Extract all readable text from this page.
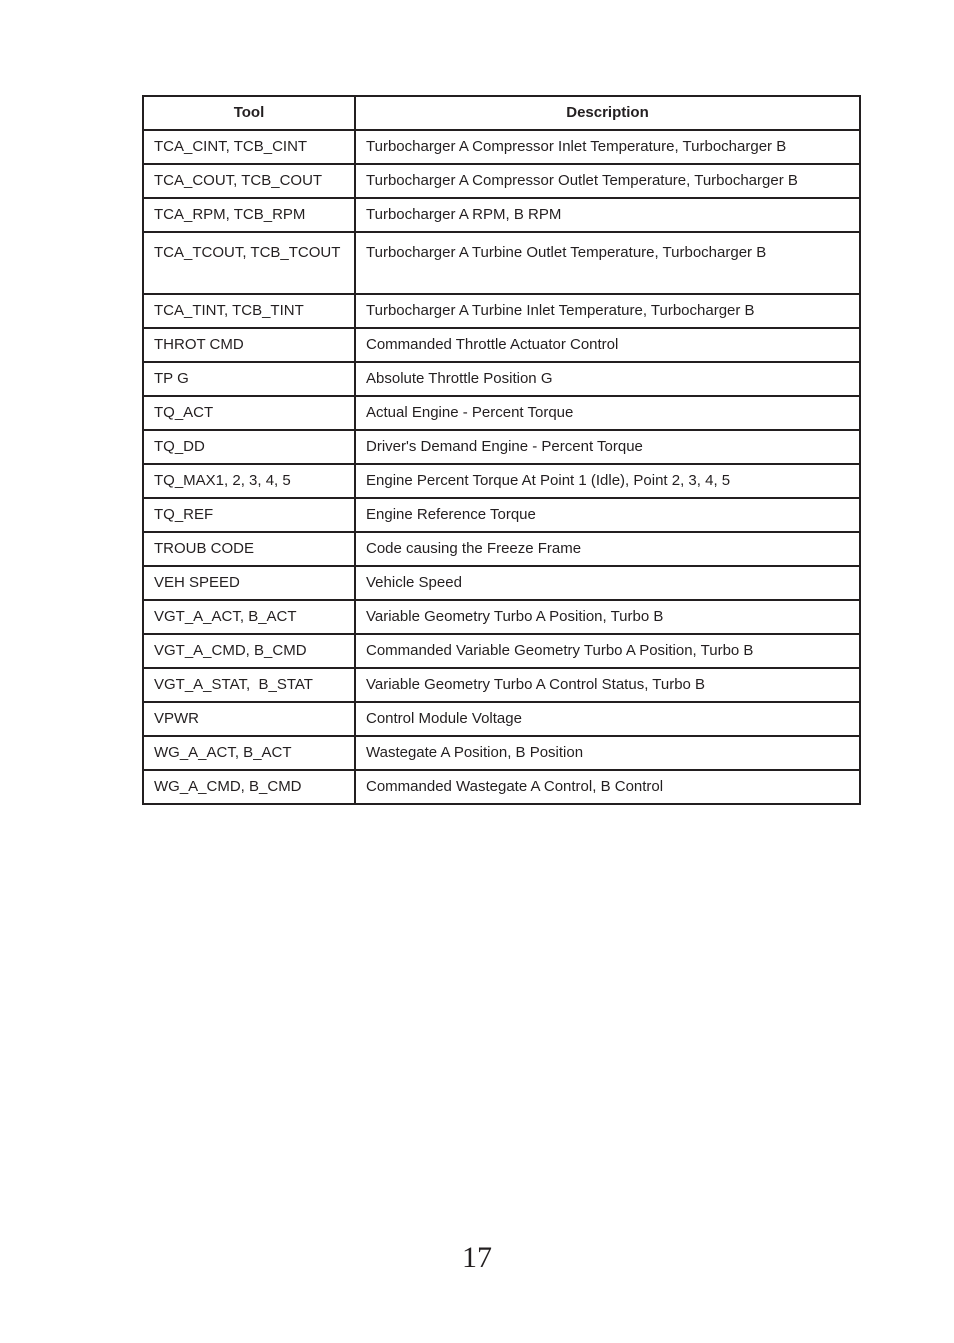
Tool	Description
TCA_CINT, TCB_CINT	Turbocharger A Compressor Inlet Temperature, Turbocharger B
TCA_COUT, TCB_COUT	Turbocharger A Compressor Outlet Temperature, Turbocharger B
TCA_RPM, TCB_RPM	Turbocharger A RPM, B RPM
TCA_TCOUT, TCB_TCOUT	Turbocharger A Turbine Outlet Temperature, Turbocharger B
TCA_TINT, TCB_TINT	Turbocharger A Turbine Inlet Temperature, Turbocharger B
THROT CMD	Commanded Throttle Actuator Control
TP G	Absolute Throttle Position G
TQ_ACT	Actual Engine - Percent Torque
TQ_DD	Driver's Demand Engine - Percent Torque
TQ_MAX1, 2, 3, 4, 5	Engine Percent Torque At Point 1 (Idle), Point 2, 3, 4, 5
TQ_REF	Engine Reference Torque
TROUB CODE	Code causing the Freeze Frame
VEH SPEED	Vehicle Speed
VGT_A_ACT, B_ACT	Variable Geometry Turbo A Position, Turbo B
VGT_A_CMD, B_CMD	Commanded Variable Geometry Turbo A Position, Turbo B
VGT_A_STAT,  B_STAT	Variable Geometry Turbo A Control Status, Turbo B
VPWR	Control Module Voltage
WG_A_ACT, B_ACT	Wastegate A Position, B Position
WG_A_CMD, B_CMD	Commanded Wastegate A Control, B Control
17
